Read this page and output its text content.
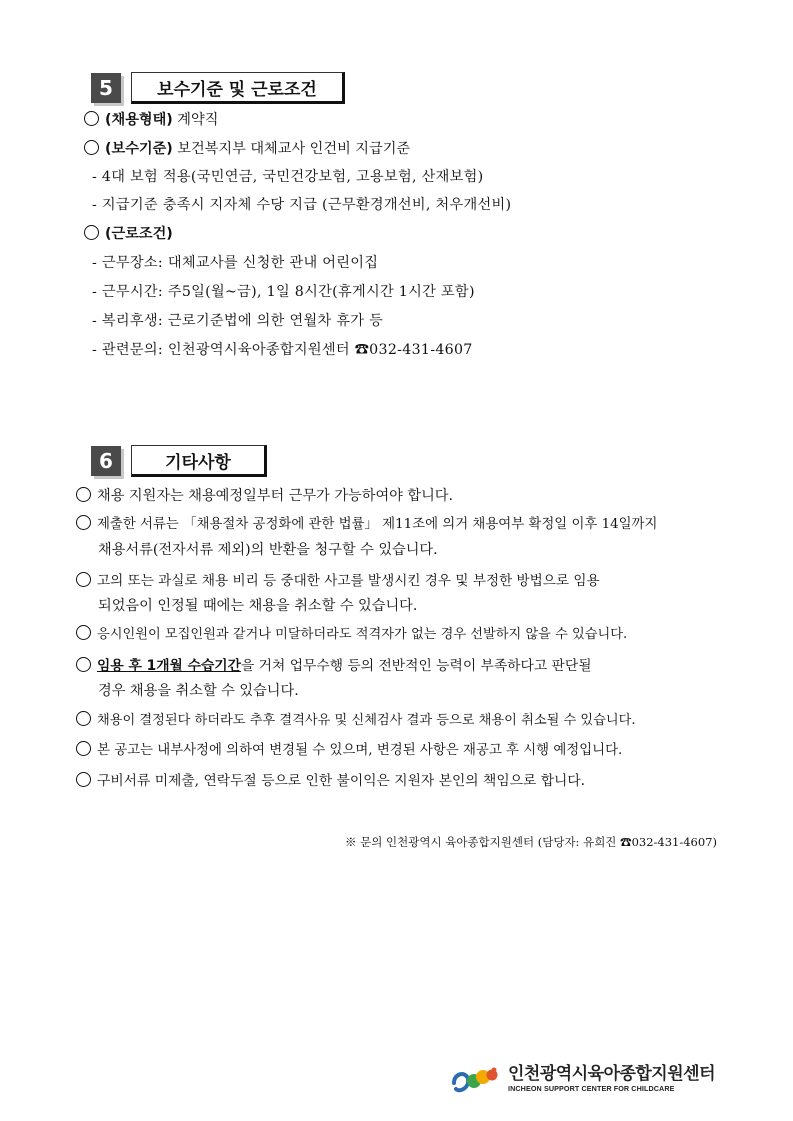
5	보수기준 및 근로조건
(채용형태) 계약직
(보수기준) 보건복지부 대체교사 인건비 지급기준
- 4대 보험 적용(국민연금, 국민건강보험, 고용보험, 산재보험)
- 지급기준 충족시 지자체 수당 지급 (근무환경개선비, 처우개선비)
(근로조건)
- 근무장소: 대체교사를 신청한 관내 어린이집
- 근무시간: 주5일(월~금), 1일 8시간(휴게시간 1시간 포함)
- 복리후생: 근로기준법에 의한 연월차 휴가 등
- 관련문의: 인천광역시육아종합지원센터 ☎032-431-4607
6	기타사항
채용 지원자는 채용예정일부터 근무가 가능하여야 합니다.
제출한 서류는 「채용절차 공정화에 관한 법률」 제11조에 의거 채용여부 확정일 이후 14일까지
채용서류(전자서류 제외)의 반환을 청구할 수 있습니다.
고의 또는 과실로 채용 비리 등 중대한 사고를 발생시킨 경우 및 부정한 방법으로 임용
되었음이 인정될 때에는 채용을 취소할 수 있습니다.
응시인원이 모집인원과 같거나 미달하더라도 적격자가 없는 경우 선발하지 않을 수 있습니다.
임용 후 1개월 수습기간을 거쳐 업무수행 등의 전반적인 능력이 부족하다고 판단될
경우 채용을 취소할 수 있습니다.
채용이 결정된다 하더라도 추후 결격사유 및 신체검사 결과 등으로 채용이 취소될 수 있습니다.
본 공고는 내부사정에 의하여 변경될 수 있으며, 변경된 사항은 재공고 후 시행 예정입니다.
구비서류 미제출, 연락두절 등으로 인한 불이익은 지원자 본인의 책임으로 합니다.
※ 문의 인천광역시 육아종합지원센터 (담당자: 유희진 ☎032-431-4607)
인천광역시육아종합지원센터
INCHEON SUPPORT CENTER FOR CHILDCARE
